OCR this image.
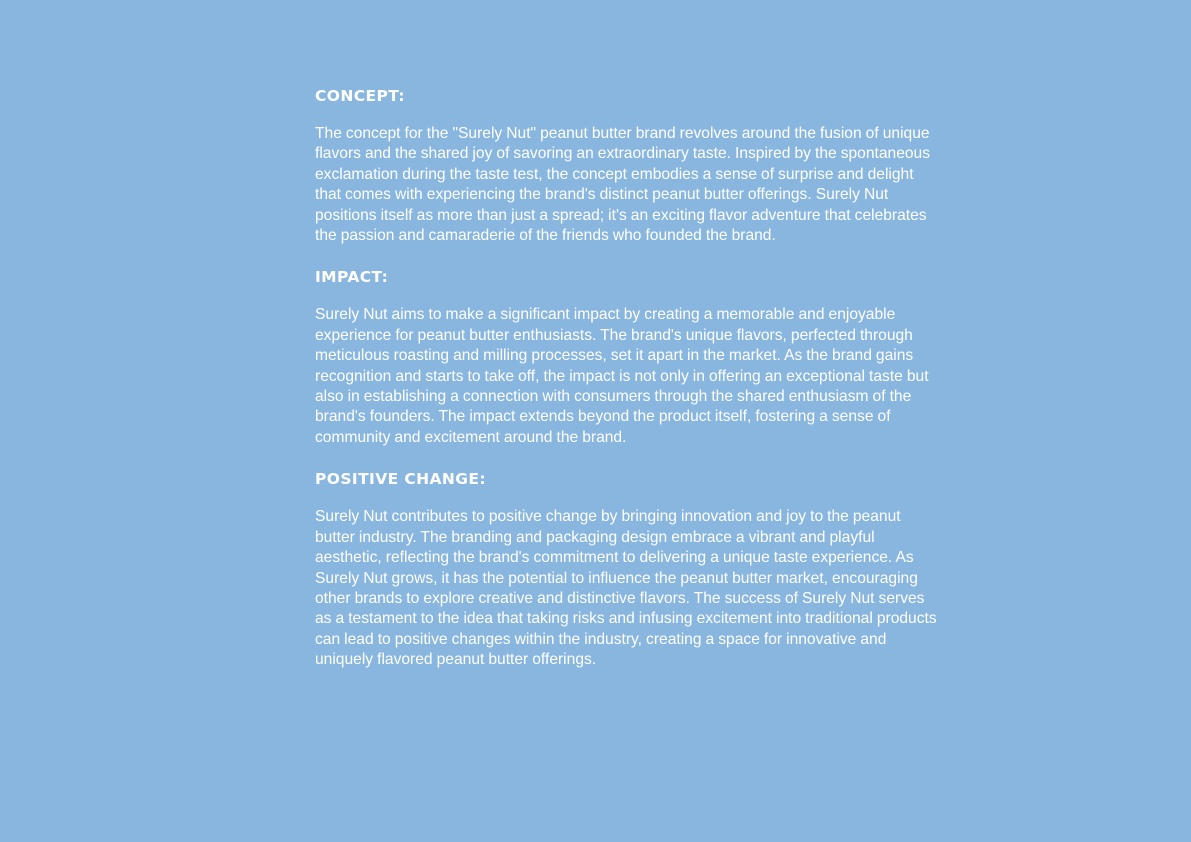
CONCEPT:

The concept for the "Surely Nut" peanut butter brand revolves around the fusion of unique flavors and the shared joy of savoring an extraordinary taste. Inspired by the spontaneous exclamation during the taste test, the concept embodies a sense of surprise and delight that comes with experiencing the brand's distinct peanut butter offerings. Surely Nut positions itself as more than just a spread; it's an exciting flavor adventure that celebrates the passion and camaraderie of the friends who founded the brand.

IMPACT:

Surely Nut aims to make a significant impact by creating a memorable and enjoyable experience for peanut butter enthusiasts. The brand's unique flavors, perfected through meticulous roasting and milling processes, set it apart in the market. As the brand gains recognition and starts to take off, the impact is not only in offering an exceptional taste but also in establishing a connection with consumers through the shared enthusiasm of the brand's founders. The impact extends beyond the product itself, fostering a sense of community and excitement around the brand.

POSITIVE CHANGE:

Surely Nut contributes to positive change by bringing innovation and joy to the peanut butter industry. The branding and packaging design embrace a vibrant and playful aesthetic, reflecting the brand's commitment to delivering a unique taste experience. As Surely Nut grows, it has the potential to influence the peanut butter market, encouraging other brands to explore creative and distinctive flavors. The success of Surely Nut serves as a testament to the idea that taking risks and infusing excitement into traditional products can lead to positive changes within the industry, creating a space for innovative and uniquely flavored peanut butter offerings.
